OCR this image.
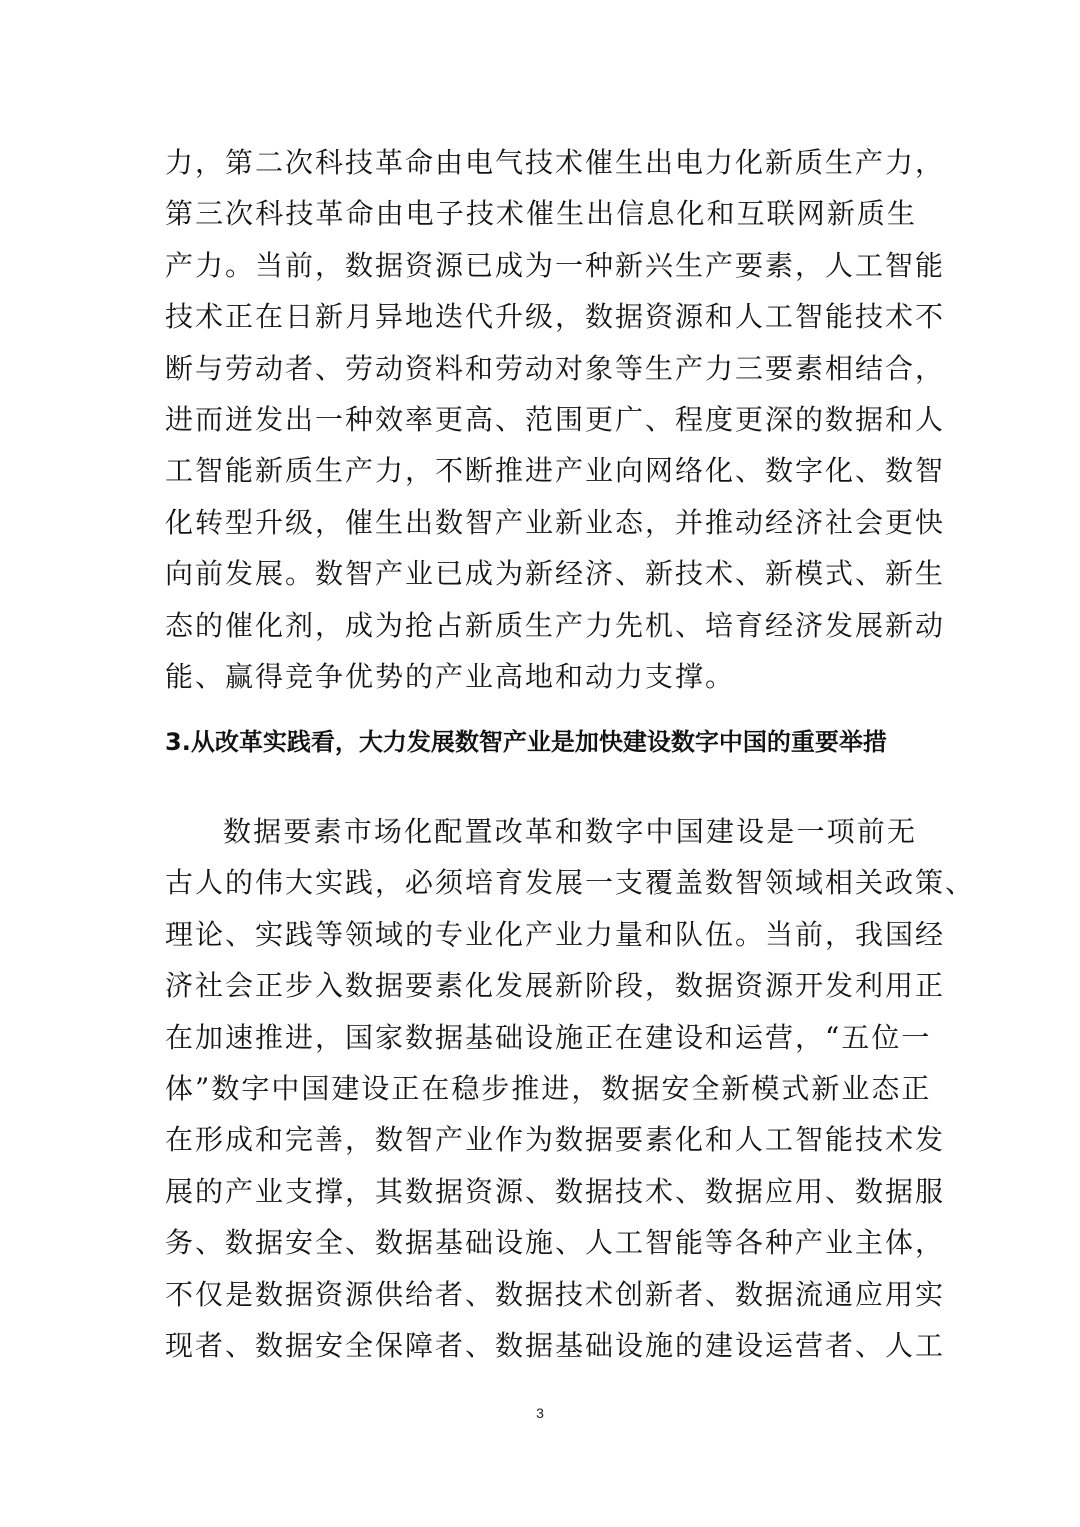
力，第二次科技革命由电气技术催生出电力化新质生产力，
第三次科技革命由电子技术催生出信息化和互联网新质生
产力。当前，数据资源已成为一种新兴生产要素，人工智能
技术正在日新月异地迭代升级，数据资源和人工智能技术不
断与劳动者、劳动资料和劳动对象等生产力三要素相结合，
进而迸发出一种效率更高、范围更广、程度更深的数据和人
工智能新质生产力，不断推进产业向网络化、数字化、数智
化转型升级，催生出数智产业新业态，并推动经济社会更快
向前发展。数智产业已成为新经济、新技术、新模式、新生
态的催化剂，成为抢占新质生产力先机、培育经济发展新动
能、赢得竞争优势的产业高地和动力支撑。
3.从改革实践看，大力发展数智产业是加快建设数字中国的重要举措
数据要素市场化配置改革和数字中国建设是一项前无
古人的伟大实践，必须培育发展一支覆盖数智领域相关政策、
理论、实践等领域的专业化产业力量和队伍。当前，我国经
济社会正步入数据要素化发展新阶段，数据资源开发利用正
在加速推进，国家数据基础设施正在建设和运营，“五位一
体”数字中国建设正在稳步推进，数据安全新模式新业态正
在形成和完善，数智产业作为数据要素化和人工智能技术发
展的产业支撑，其数据资源、数据技术、数据应用、数据服
务、数据安全、数据基础设施、人工智能等各种产业主体，
不仅是数据资源供给者、数据技术创新者、数据流通应用实
现者、数据安全保障者、数据基础设施的建设运营者、人工
3
